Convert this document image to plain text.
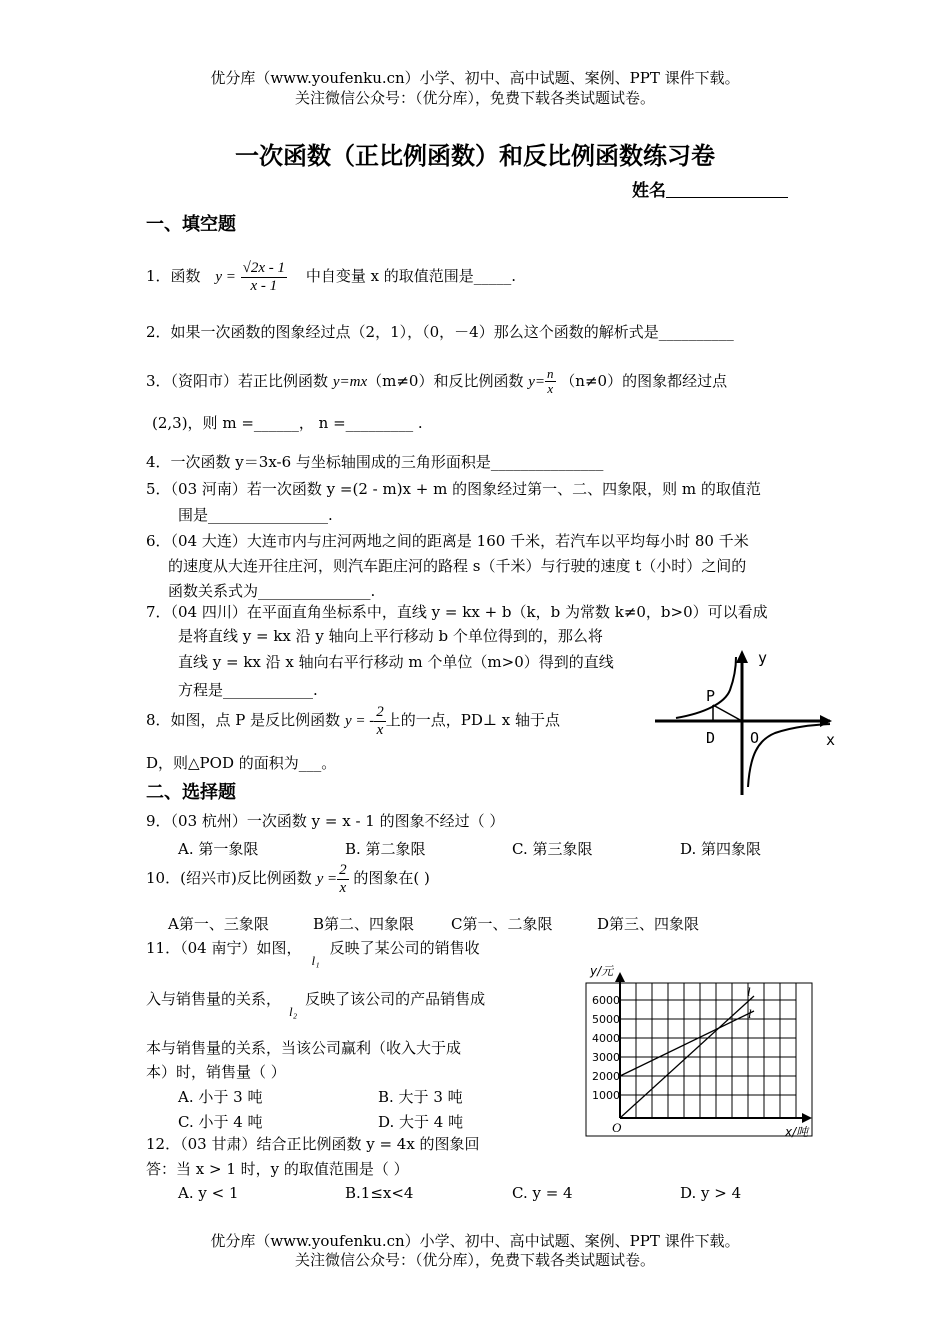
优分库（www.youfenku.cn）小学、初中、高中试题、案例、PPT 课件下载。
关注微信公众号：（优分库），免费下载各类试题试卷。
一次函数（正比例函数）和反比例函数练习卷
姓名
一、填空题
1．函数 $y = \frac{√2x - 1}{x - 1}$ 中自变量 x 的取值范围是_____.
2．如果一次函数的图象经过点（2，1），（0，－4）那么这个函数的解析式是__________
3．（资阳市）若正比例函数 y=mx（m≠0）和反比例函数 $y= \frac{n}{x} (n\ne 0)$的图象都经过点
(2,3)，则 m =______， n =_________ .
4．一次函数 y＝3x-6 与坐标轴围成的三角形面积是_______________
5．（03 河南）若一次函数 y =(2 - m)x + m 的图象经过第一、二、四象限，则 m 的取值范
围是________________.
6．（04 大连）大连市内与庄河两地之间的距离是 160 千米，若汽车以平均每小时 80 千米
的速度从大连开往庄河，则汽车距庄河的路程 s（千米）与行驶的速度 t（小时）之间的
函数关系式为_______________.
7．（04 四川）在平面直角坐标系中，直线 y = kx + b（k，b 为常数 k≠0，b>0）可以看成
是将直线 y = kx 沿 y 轴向上平行移动 b 个单位得到的，那么将
直线 y = kx 沿 x 轴向右平行移动 m 个单位（m>0）得到的直线
方程是____________.
8．如图，点 P 是反比例函数 y = - $\frac{2}{x}$ 上的一点，PD⊥ x 轴于点
D，则△POD 的面积为___。
y
x
P
D O
二、选择题
9．（03 杭州）一次函数 y = x - 1 的图象不经过（ ）
A. 第一象限	B. 第二象限	C. 第三象限	D. 第四象限
10．(绍兴市)反比例函数 $y = \frac{2}{x}$ 的图象在( )
A第一、三象限	B第二、四象限 C第一、二象限	D第三、四象限
11．（04 南宁）如图，l₁反映了某公司的销售收
入与销售量的关系，l₂反映了该公司的产品销售成
本与销售量的关系，当该公司赢利（收入大于成
本）时，销售量（ ）
A. 小于 3 吨	B. 大于 3 吨
C. 小于 4 吨	D. 大于 4 吨
y/元
x/吨
O
6000
5000
4000
3000
2000
1000
l
l
12．（03 甘肃）结合正比例函数 y = 4x 的图象回
答：当 x > 1 时，y 的取值范围是（ ）
A. y < 1	B.1≤x<4	C. y = 4	D. y > 4
优分库（www.youfenku.cn）小学、初中、高中试题、案例、PPT 课件下载。
关注微信公众号：（优分库），免费下载各类试题试卷。
